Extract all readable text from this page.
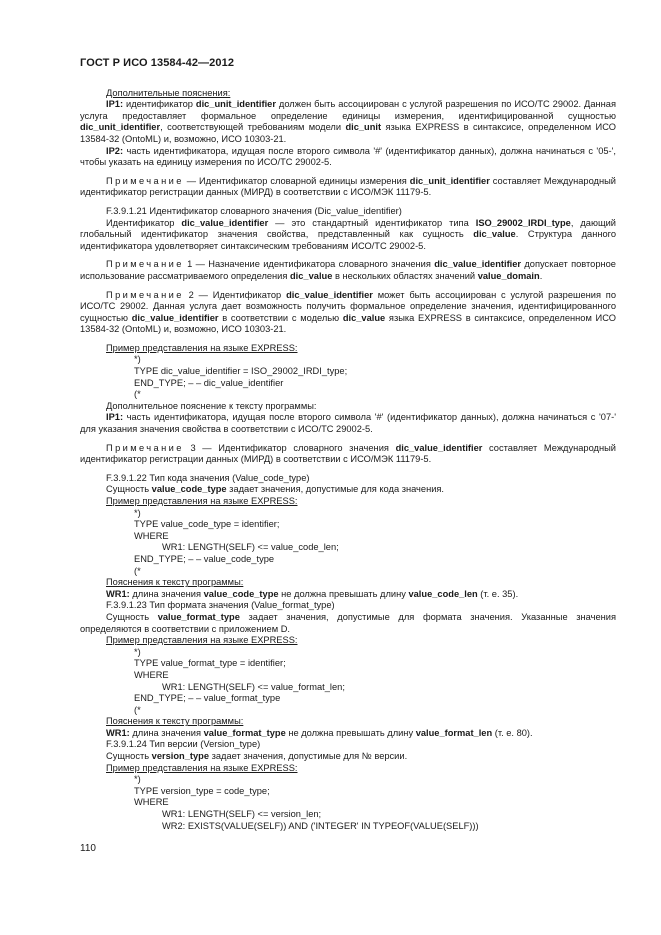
ГОСТ Р ИСО 13584-42—2012

Дополнительные пояснения:

IP1: идентификатор dic_unit_identifier должен быть ассоциирован с услугой разрешения по ИСО/ТС 29002. Данная услуга предоставляет формальное определение единицы измерения, идентифицированной сущностью dic_unit_identifier, соответствующей требованиям модели dic_unit языка EXPRESS в синтаксисе, определенном ИСО 13584-32 (OntoML) и, возможно, ИСО 10303-21.

IP2: часть идентификатора, идущая после второго символа '#' (идентификатор данных), должна начинаться с '05-', чтобы указать на единицу измерения по ИСО/ТС 29002-5.

Примечание — Идентификатор словарной единицы измерения dic_unit_identifier составляет Международный идентификатор регистрации данных (МИРД) в соответствии с ИСО/МЭК 11179-5.

F.3.9.1.21 Идентификатор словарного значения (Dic_value_identifier)

Идентификатор dic_value_identifier — это стандартный идентификатор типа ISO_29002_IRDI_type, дающий глобальный идентификатор значения свойства, представленный как сущность dic_value. Структура данного идентификатора удовлетворяет синтаксическим требованиям ИСО/ТС 29002-5.

Примечание 1 — Назначение идентификатора словарного значения dic_value_identifier допускает повторное использование рассматриваемого определения dic_value в нескольких областях значений value_domain.

Примечание 2 — Идентификатор dic_value_identifier может быть ассоциирован с услугой разрешения по ИСО/ТС 29002. Данная услуга дает возможность получить формальное определение значения, идентифицированного сущностью dic_value_identifier в соответствии с моделью dic_value языка EXPRESS в синтаксисе, определенном ИСО 13584-32 (OntoML) и, возможно, ИСО 10303-21.

Пример представления на языке EXPRESS:

*)

TYPE dic_value_identifier = ISO_29002_IRDI_type;

END_TYPE; – – dic_value_identifier

(*

Дополнительное пояснение к тексту программы:

IP1: часть идентификатора, идущая после второго символа '#' (идентификатор данных), должна начинаться с '07-' для указания значения свойства в соответствии с ИСО/ТС 29002-5.

Примечание 3 — Идентификатор словарного значения dic_value_identifier составляет Международный идентификатор регистрации данных (МИРД) в соответствии с ИСО/МЭК 11179-5.

F.3.9.1.22 Тип кода значения (Value_code_type)

Сущность value_code_type задает значения, допустимые для кода значения.

Пример представления на языке EXPRESS:

*)

TYPE value_code_type = identifier;

WHERE

WR1: LENGTH(SELF) <= value_code_len;

END_TYPE; – – value_code_type

(*

Пояснения к тексту программы:

WR1: длина значения value_code_type не должна превышать длину value_code_len (т. е. 35).

F.3.9.1.23 Тип формата значения (Value_format_type)

Сущность value_format_type задает значения, допустимые для формата значения. Указанные значения определяются в соответствии с приложением D.

Пример представления на языке EXPRESS:

*)

TYPE value_format_type = identifier;

WHERE

WR1: LENGTH(SELF) <= value_format_len;

END_TYPE; – – value_format_type

(*

Пояснения к тексту программы:

WR1: длина значения value_format_type не должна превышать длину value_format_len (т. е. 80).

F.3.9.1.24 Тип версии (Version_type)

Сущность version_type задает значения, допустимые для № версии.

Пример представления на языке EXPRESS:

*)

TYPE version_type = code_type;

WHERE

WR1: LENGTH(SELF) <= version_len;

WR2: EXISTS(VALUE(SELF)) AND ('INTEGER' IN TYPEOF(VALUE(SELF)))

110
